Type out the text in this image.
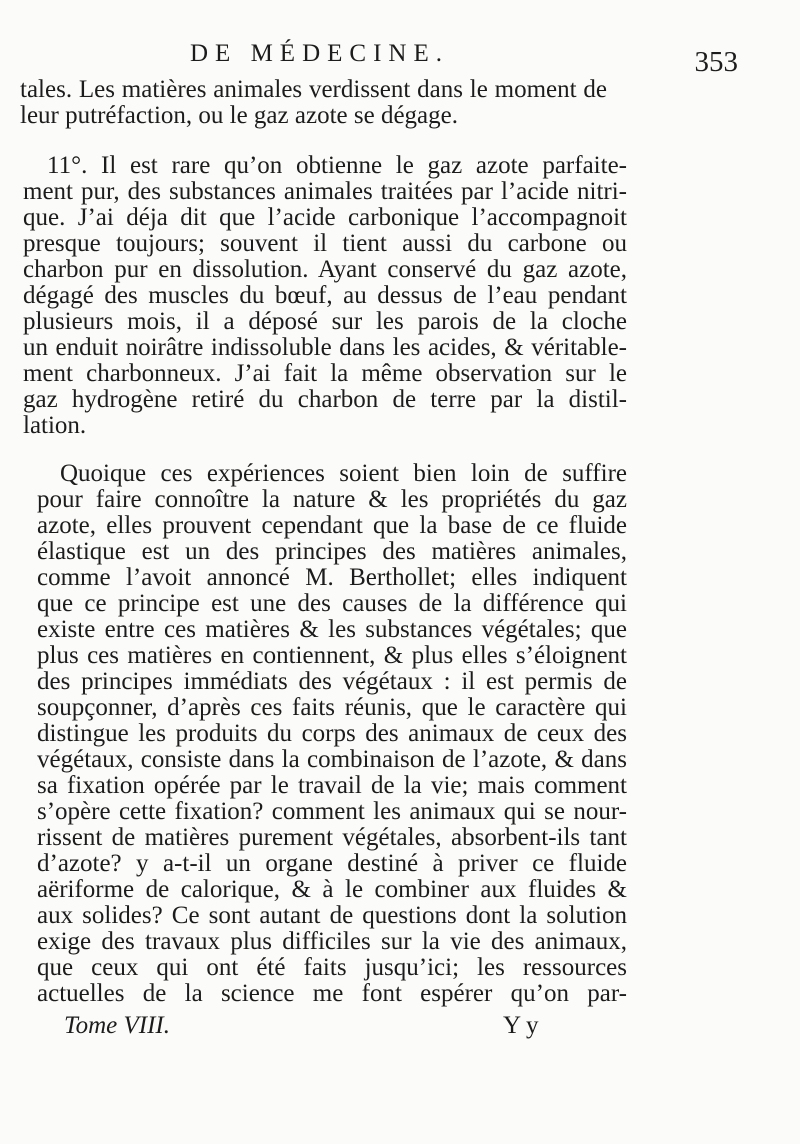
DE MÉDECINE.	353
tales. Les matières animales verdissent dans le moment de
leur putréfaction, ou le gaz azote se dégage.
11°. Il est rare qu’on obtienne le gaz azote parfaite-
ment pur, des substances animales traitées par l’acide nitri-
que. J’ai déja dit que l’acide carbonique l’accompagnoit
presque toujours; souvent il tient aussi du carbone ou
charbon pur en dissolution. Ayant conservé du gaz azote,
dégagé des muscles du bœuf, au dessus de l’eau pendant
plusieurs mois, il a déposé sur les parois de la cloche
un enduit noirâtre indissoluble dans les acides, & véritable-
ment charbonneux. J’ai fait la même observation sur le
gaz hydrogène retiré du charbon de terre par la distil-
lation.
Quoique ces expériences soient bien loin de suffire
pour faire connoître la nature & les propriétés du gaz
azote, elles prouvent cependant que la base de ce fluide
élastique est un des principes des matières animales,
comme l’avoit annoncé M. Berthollet; elles indiquent
que ce principe est une des causes de la différence qui
existe entre ces matières & les substances végétales; que
plus ces matières en contiennent, & plus elles s’éloignent
des principes immédiats des végétaux : il est permis de
soupçonner, d’après ces faits réunis, que le caractère qui
distingue les produits du corps des animaux de ceux des
végétaux, consiste dans la combinaison de l’azote, & dans
sa fixation opérée par le travail de la vie; mais comment
s’opère cette fixation? comment les animaux qui se nour-
rissent de matières purement végétales, absorbent-ils tant
d’azote? y a-t-il un organe destiné à priver ce fluide
aëriforme de calorique, & à le combiner aux fluides &
aux solides? Ce sont autant de questions dont la solution
exige des travaux plus difficiles sur la vie des animaux,
que ceux qui ont été faits jusqu’ici; les ressources
actuelles de la science me font espérer qu’on par-
Tome VIII.	Yy
